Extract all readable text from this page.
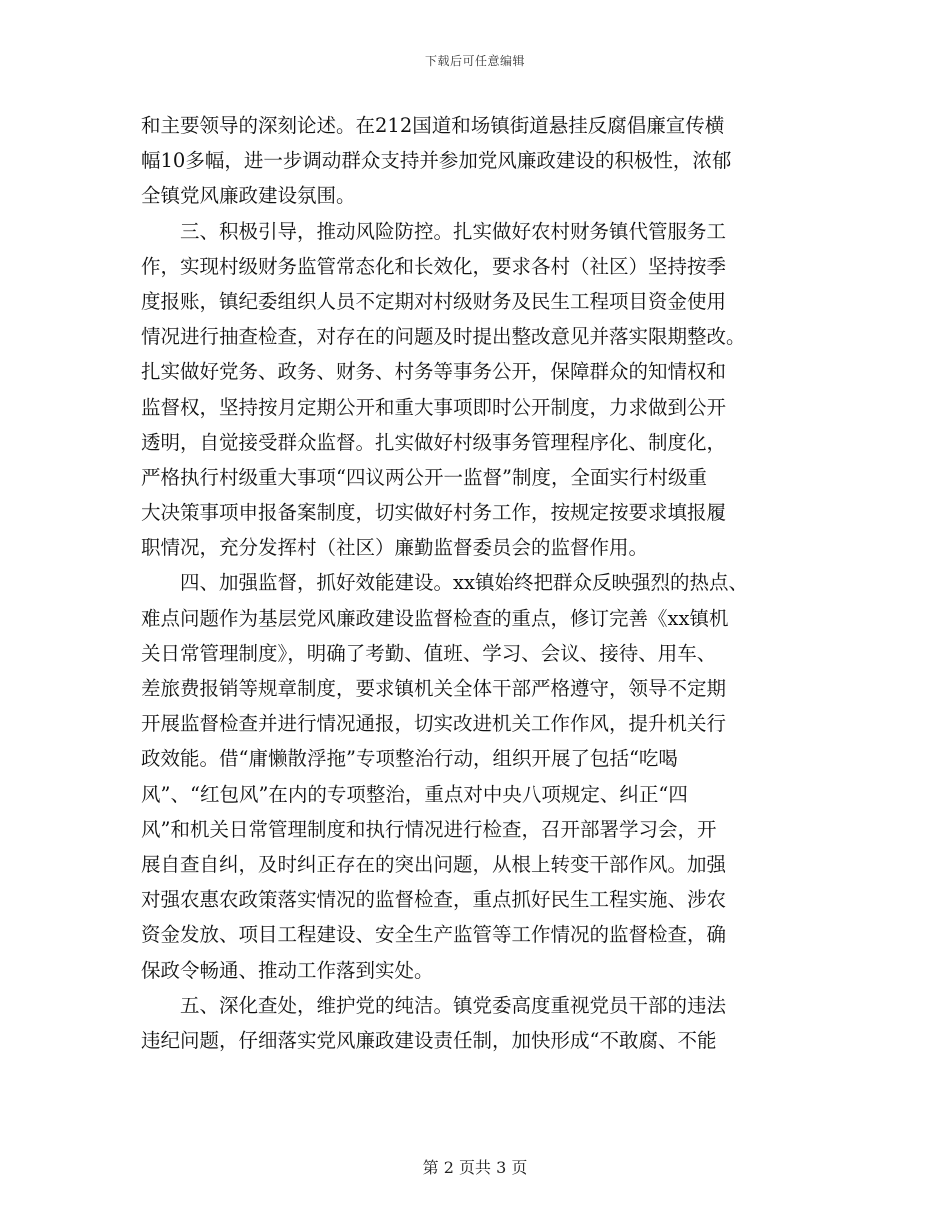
下载后可任意编辑
和主要领导的深刻论述。在212国道和场镇街道悬挂反腐倡廉宣传横
幅10多幅，进一步调动群众支持并参加党风廉政建设的积极性，浓郁
全镇党风廉政建设氛围。
三、积极引导，推动风险防控。扎实做好农村财务镇代管服务工
作，实现村级财务监管常态化和长效化，要求各村（社区）坚持按季
度报账，镇纪委组织人员不定期对村级财务及民生工程项目资金使用
情况进行抽查检查，对存在的问题及时提出整改意见并落实限期整改。
扎实做好党务、政务、财务、村务等事务公开，保障群众的知情权和
监督权，坚持按月定期公开和重大事项即时公开制度，力求做到公开
透明，自觉接受群众监督。扎实做好村级事务管理程序化、制度化，
严格执行村级重大事项“四议两公开一监督”制度，全面实行村级重
大决策事项申报备案制度，切实做好村务工作，按规定按要求填报履
职情况，充分发挥村（社区）廉勤监督委员会的监督作用。
四、加强监督，抓好效能建设。xx镇始终把群众反映强烈的热点、
难点问题作为基层党风廉政建设监督检查的重点，修订完善《xx镇机
关日常管理制度》，明确了考勤、值班、学习、会议、接待、用车、
差旅费报销等规章制度，要求镇机关全体干部严格遵守，领导不定期
开展监督检查并进行情况通报，切实改进机关工作作风，提升机关行
政效能。借“庸懒散浮拖”专项整治行动，组织开展了包括“吃喝
风”、“红包风”在内的专项整治，重点对中央八项规定、纠正“四
风”和机关日常管理制度和执行情况进行检查，召开部署学习会，开
展自查自纠，及时纠正存在的突出问题，从根上转变干部作风。加强
对强农惠农政策落实情况的监督检查，重点抓好民生工程实施、涉农
资金发放、项目工程建设、安全生产监管等工作情况的监督检查，确
保政令畅通、推动工作落到实处。
五、深化查处，维护党的纯洁。镇党委高度重视党员干部的违法
违纪问题，仔细落实党风廉政建设责任制，加快形成“不敢腐、不能
第 2 页共 3 页
